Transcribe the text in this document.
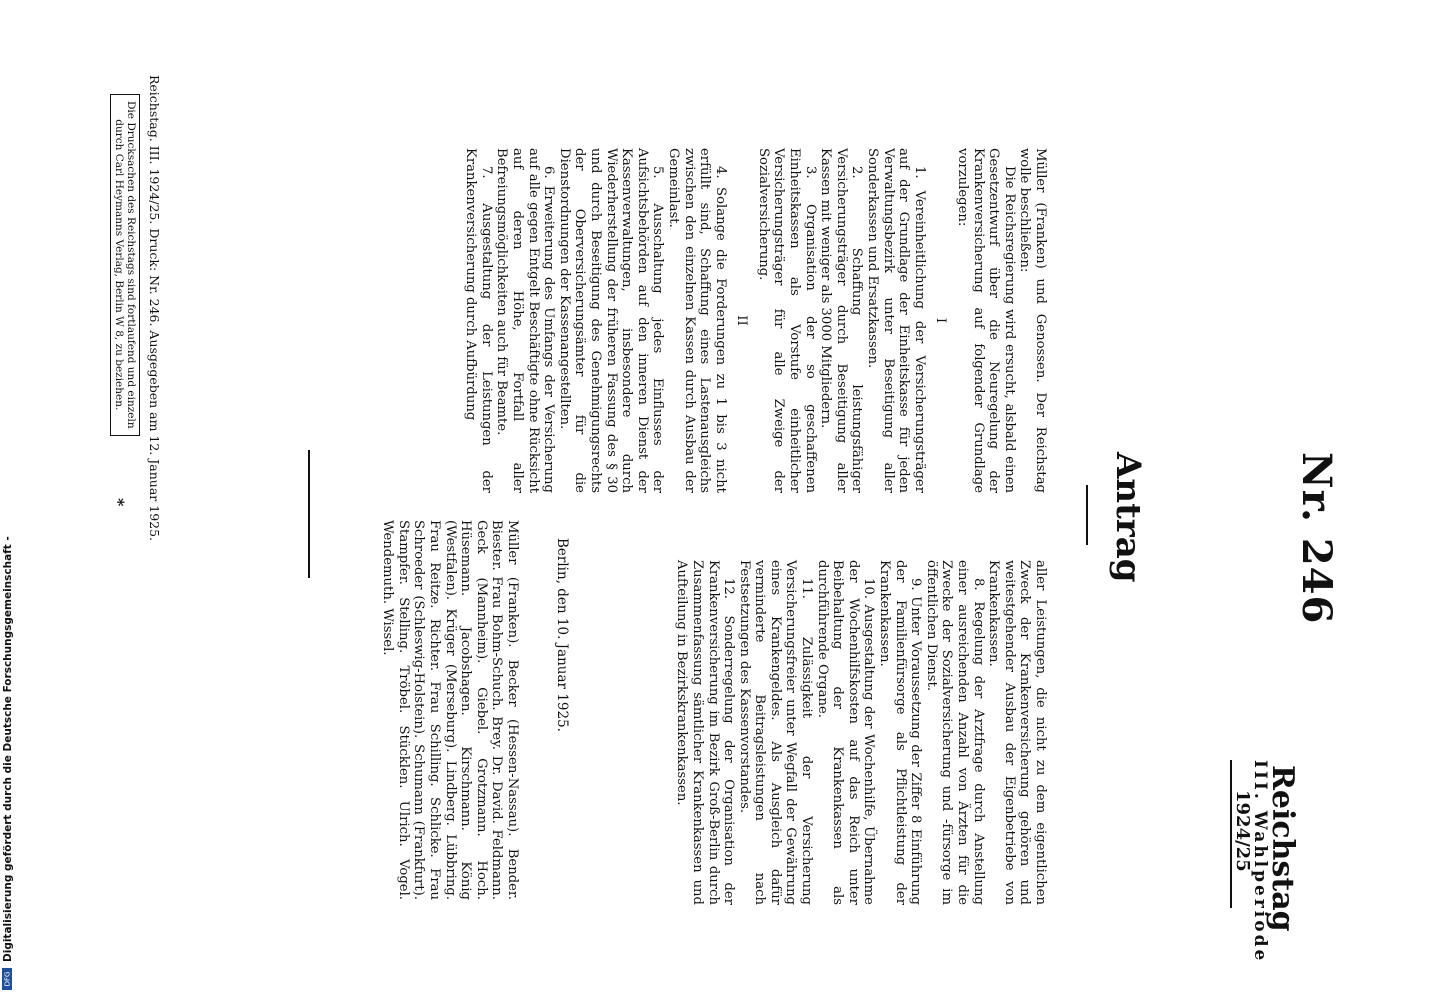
Reichstag
III. Wahlperiode
1924/25
Nr. 246
Antrag

Müller (Franken) und Genossen. Der Reichstag wolle beschließen:

Die Reichsregierung wird ersucht, alsbald einen Gesetzentwurf über die Neuregelung der Krankenversicherung auf folgender Grundlage vorzulegen:

I

1. Vereinheitlichung der Versicherungsträger auf der Grundlage der Einheitskasse für jeden Verwaltungsbezirk unter Beseitigung aller Sonderkassen und Ersatzkassen.

2. Schaffung leistungsfähiger Versicherungsträger durch Beseitigung aller Kassen mit weniger als 3000 Mitgliedern.

3. Organisation der so geschaffenen Einheitskassen als Vorstufe einheitlicher Versicherungsträger für alle Zweige der Sozialversicherung.

II

4. Solange die Forderungen zu 1 bis 3 nicht erfüllt sind, Schaffung eines Lastenausgleichs zwischen den einzelnen Kassen durch Ausbau der Gemeinlast.

5. Ausschaltung jedes Einflusses der Aufsichtsbehörden auf den inneren Dienst der Kassenverwaltungen, insbesondere durch Wiederherstellung der früheren Fassung des § 30 und durch Beseitigung des Genehmigungsrechts der Oberversicherungsämter für die Dienstordnungen der Kassenangestellten.

6. Erweiterung des Umfangs der Versicherung auf alle gegen Entgelt Beschäftigte ohne Rücksicht auf deren Höhe, Fortfall aller Befreiungsmöglichkeiten auch für Beamte.

7. Ausgestaltung der Leistungen der Krankenversicherung durch Aufbürdung

aller Leistungen, die nicht zu dem eigentlichen Zweck der Krankenversicherung gehören und weitestgehender Ausbau der Eigenbetriebe von Krankenkassen.

8. Regelung der Arztfrage durch Anstellung einer ausreichenden Anzahl von Ärzten für die Zwecke der Sozialversicherung und -fürsorge im öffentlichen Dienst.

9. Unter Voraussetzung der Ziffer 8 Einführung der Familienfürsorge als Pflichtleistung der Krankenkassen.

10. Ausgestaltung der Wochenhilfe, Übernahme der Wochenhilfskosten auf das Reich unter Beibehaltung der Krankenkassen als durchführende Organe.

11. Zulässigkeit der Versicherung Versicherungsfreier unter Wegfall der Gewährung eines Krankengeldes. Als Ausgleich dafür verminderte Beitragsleistungen nach Festsetzungen des Kassenvorstandes.

12. Sonderregelung der Organisation der Krankenversicherung im Bezirk Groß-Berlin durch Zusammenfassung sämtlicher Krankenkassen und Aufteilung in Bezirkskrankenkassen.

Berlin, den 10. Januar 1925.

Müller (Franken). Becker (Hessen-Nassau). Bender. Biester. Frau Bohm-Schuch. Brey. Dr. David. Feldmann. Geck (Mannheim). Giebel. Grotzmann. Hoch. Hüsemann. Jacobshagen. Kirschmann. König (Westfalen). Krüger (Merseburg). Lindberg. Lübbring. Frau Reitze. Richter. Frau Schilling. Schlicke. Frau Schroeder (Schleswig-Holstein). Schumann (Frankfurt). Stampfer. Stelling. Tröbel. Stücklen. Ulrich. Vogel. Wendemuth. Wissel.

Reichstag. III. 1924/25. Druck: Nr. 246. Ausgegeben am 12. Januar 1925.
Die Drucksachen des Reichstags sind fortlaufend und einzeln
durch Carl Heymanns Verlag, Berlin W 8, zu beziehen.
*
Digitalisierung gefördert durch die Deutsche Forschungsgemeinschaft -
DFG
